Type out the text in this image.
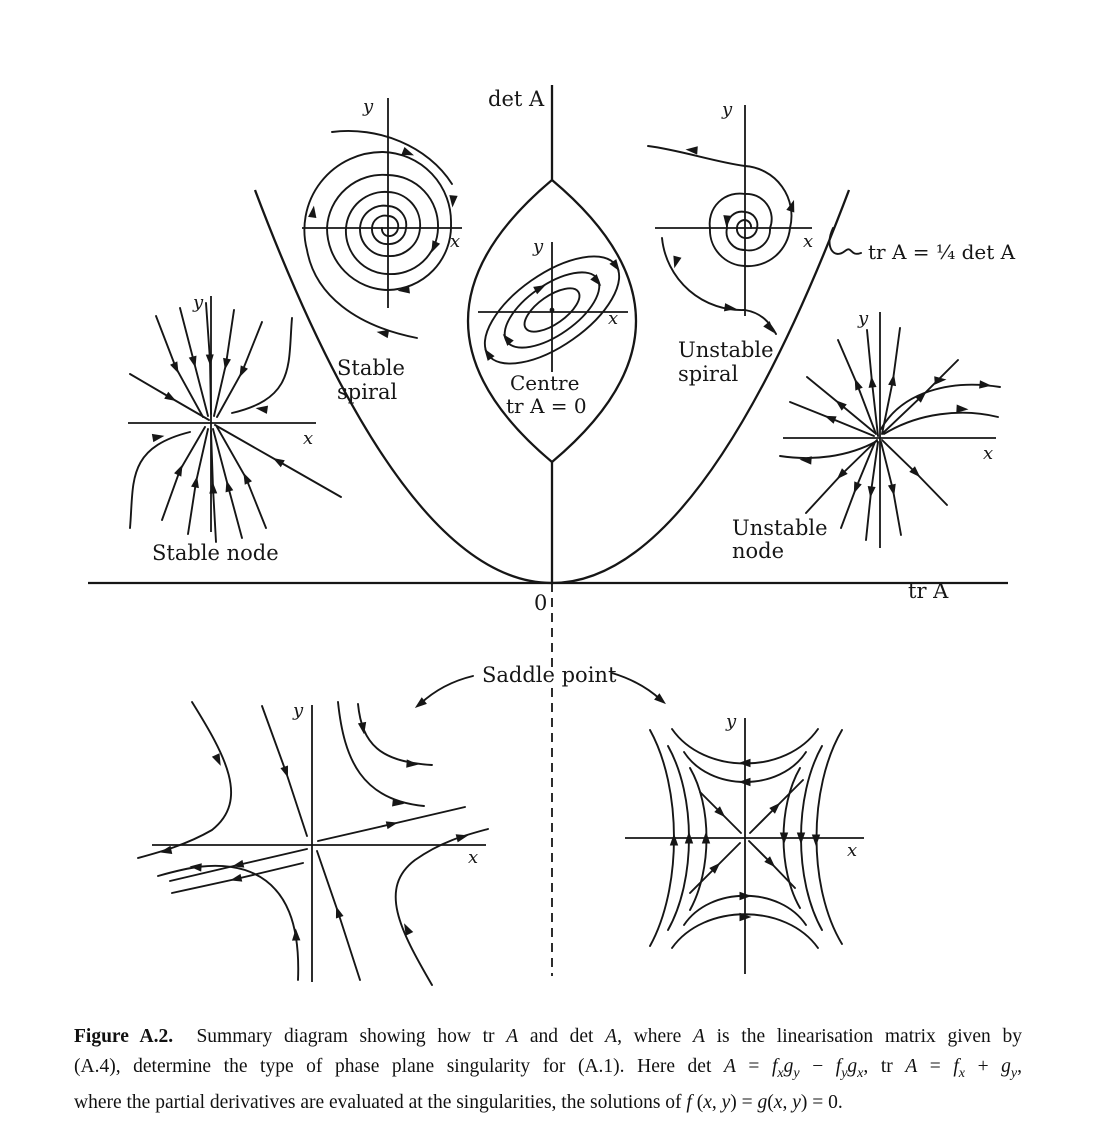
det A
tr A
0
tr A = ¼ det A
x
y
Stable
spiral
x
y
Centre
tr A = 0
x
y
Unstable
spiral
x
y
Stable node
x
y
Unstable
node
Saddle point
x
y
x
y
Figure A.2.  Summary diagram showing how tr A and det A, where A is the linearisation matrix given by
(A.4), determine the type of phase plane singularity for (A.1). Here $\det A = f_xg_y - f_yg_x$, tr $A = f_x + g_y$,
where the partial derivatives are evaluated at the singularities, the solutions of f (x, y) = g(x, y) = 0.
